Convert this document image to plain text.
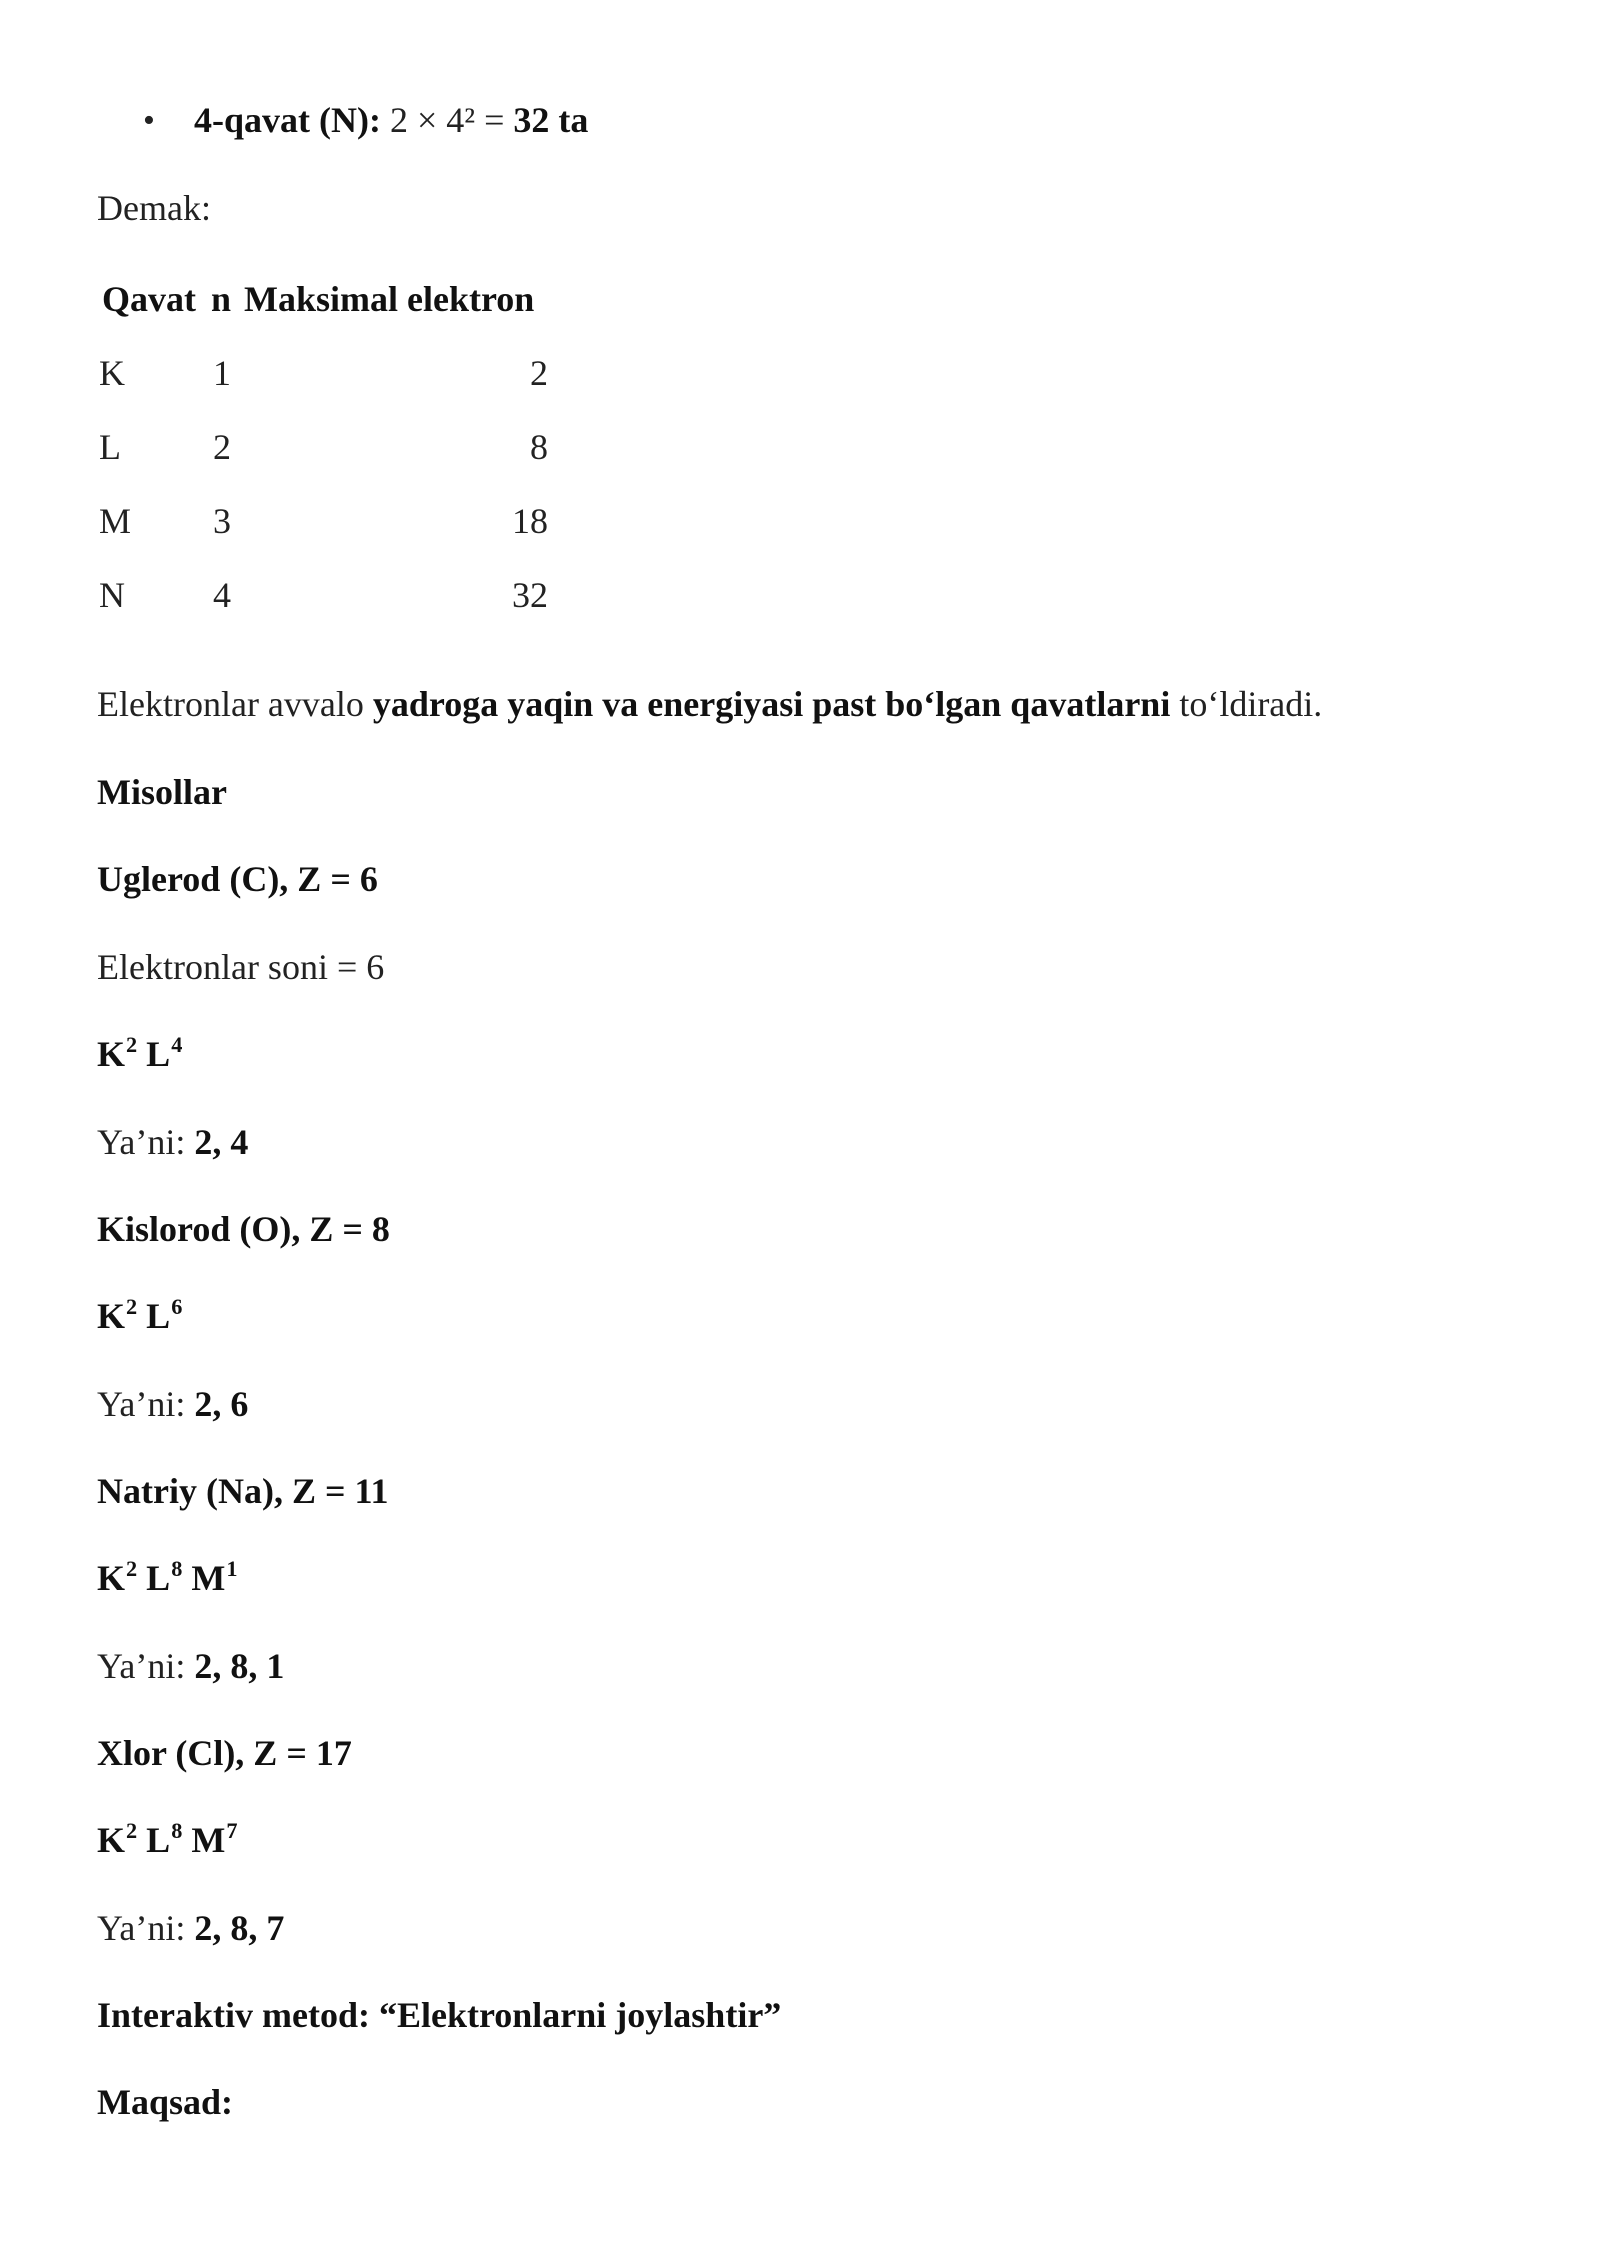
• 4-qavat (N): 2 × 4² = 32 ta
Demak:
Qavat n Maksimal elektron
K 1	2
L	2	8
M 3	18
N 4	32
Elektronlar avvalo yadroga yaqin va energiyasi past bo‘lgan qavatlarni to‘ldiradi.
Misollar
Uglerod (C), Z = 6
Elektronlar soni = 6
$K^2$ $L^4$
Ya’ni: 2, 4
Kislorod (O), Z = 8
$K^2$ $L^6$
Ya’ni: 2, 6
Natriy (Na), Z = 11
$K^2$ $L^8$ $M^1$
Ya’ni: 2, 8, 1
Xlor (Cl), Z = 17
$K^2$ $L^8$ $M^7$
Ya’ni: 2, 8, 7
Interaktiv metod: “Elektronlarni joylashtir”
Maqsad:
